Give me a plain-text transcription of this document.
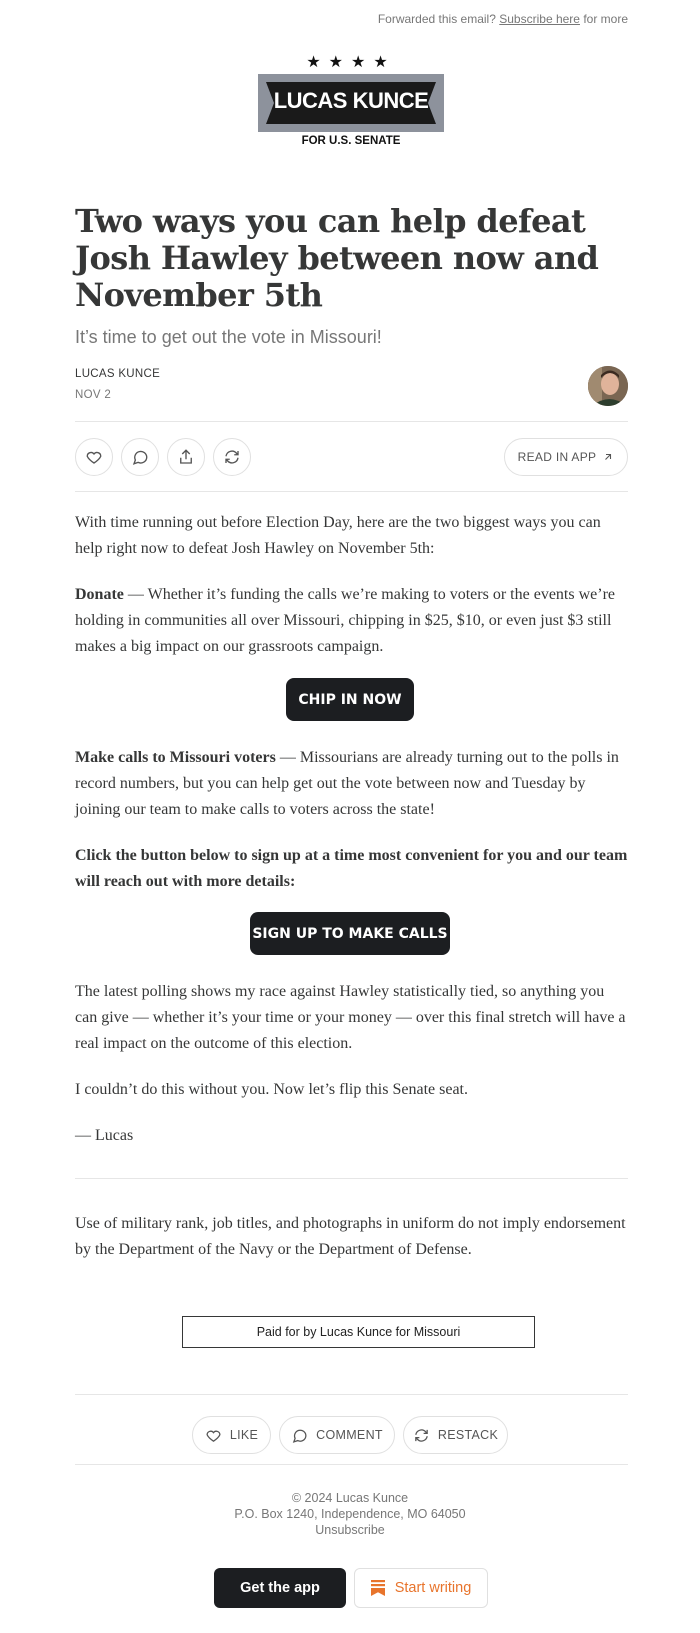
Forwarded this email? Subscribe here for more
★★★★
LUCAS KUNCE
FOR U.S. SENATE
Two ways you can help defeat Josh Hawley between now and November 5th
It’s time to get out the vote in Missouri!
LUCAS KUNCE
NOV 2
READ IN APP

With time running out before Election Day, here are the two biggest ways you can help right now to defeat Josh Hawley on November 5th:

Donate — Whether it’s funding the calls we’re making to voters or the events we’re holding in communities all over Missouri, chipping in $25, $10, or even just $3 still makes a big impact on our grassroots campaign.

CHIP IN NOW

Make calls to Missouri voters — Missourians are already turning out to the polls in record numbers, but you can help get out the vote between now and Tuesday by joining our team to make calls to voters across the state!

Click the button below to sign up at a time most convenient for you and our team will reach out with more details:

SIGN UP TO MAKE CALLS

The latest polling shows my race against Hawley statistically tied, so anything you can give — whether it’s your time or your money — over this final stretch will have a real impact on the outcome of this election.

I couldn’t do this without you. Now let’s flip this Senate seat.

— Lucas

Use of military rank, job titles, and photographs in uniform do not imply endorsement by the Department of the Navy or the Department of Defense.

Paid for by Lucas Kunce for Missouri
LIKE	COMMENT	RESTACK
© 2024 Lucas Kunce
P.O. Box 1240, Independence, MO 64050
Unsubscribe
Get the app	Start writing
